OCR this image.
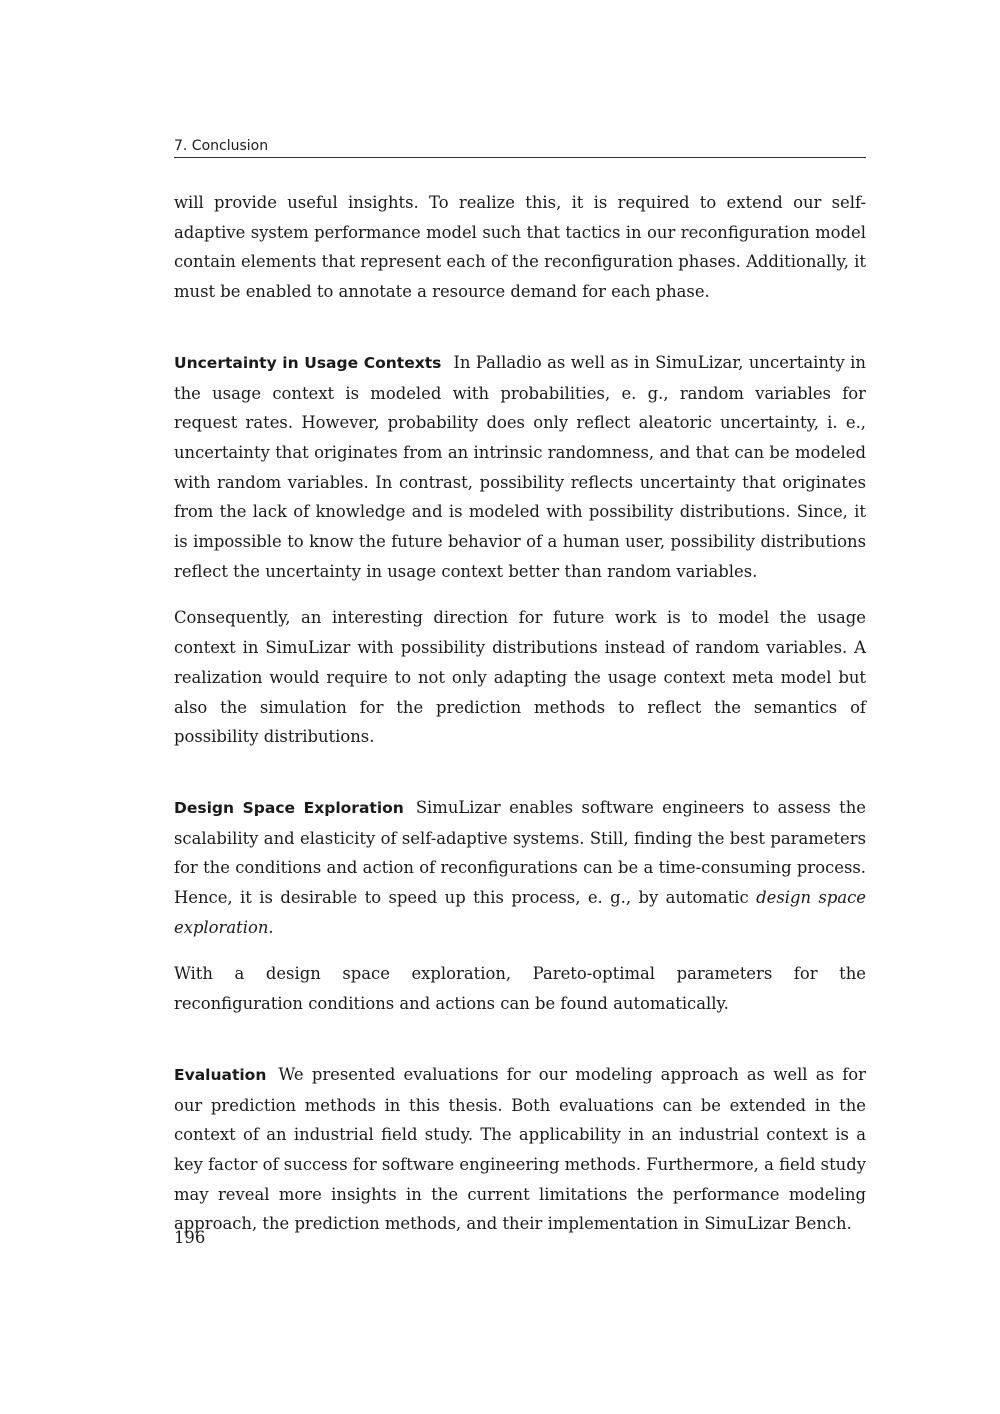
7. Conclusion

will provide useful insights. To realize this, it is required to extend our self-adaptive system performance model such that tactics in our reconfiguration model contain elements that represent each of the reconfiguration phases. Additionally, it must be enabled to annotate a resource demand for each phase.

Uncertainty in Usage Contexts In Palladio as well as in SimuLizar, uncertainty in the usage context is modeled with probabilities, e. g., random variables for request rates. However, probability does only reflect aleatoric uncertainty, i. e., uncertainty that originates from an intrinsic randomness, and that can be modeled with random variables. In contrast, possibility reflects uncertainty that originates from the lack of knowledge and is modeled with possibility distributions. Since, it is impossible to know the future behavior of a human user, possibility distributions reflect the uncertainty in usage context better than random variables.

Consequently, an interesting direction for future work is to model the usage context in SimuLizar with possibility distributions instead of random variables. A realization would require to not only adapting the usage context meta model but also the simulation for the prediction methods to reflect the semantics of possibility distributions.

Design Space Exploration SimuLizar enables software engineers to assess the scalability and elasticity of self-adaptive systems. Still, finding the best parameters for the conditions and action of reconfigurations can be a time-consuming process. Hence, it is desirable to speed up this process, e. g., by automatic design space exploration.

With a design space exploration, Pareto-optimal parameters for the reconfiguration conditions and actions can be found automatically.

Evaluation We presented evaluations for our modeling approach as well as for our prediction methods in this thesis. Both evaluations can be extended in the context of an industrial field study. The applicability in an industrial context is a key factor of success for software engineering methods. Furthermore, a field study may reveal more insights in the current limitations the performance modeling approach, the prediction methods, and their implementation in SimuLizar Bench.

196
